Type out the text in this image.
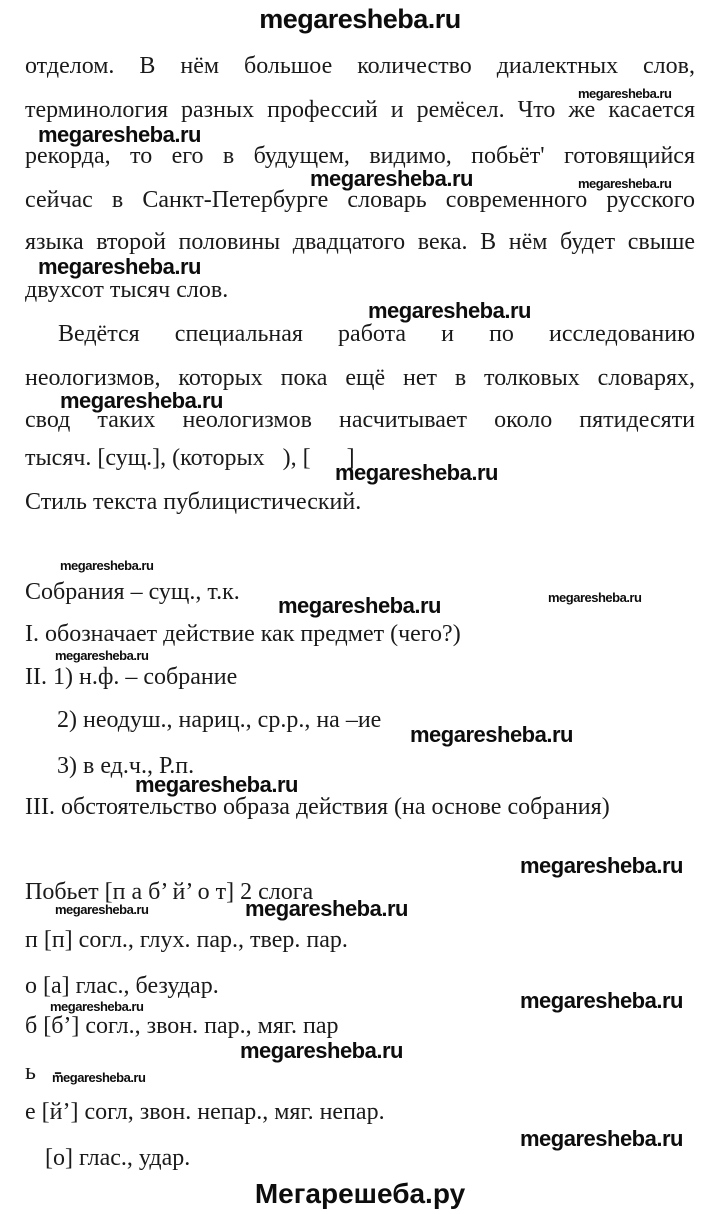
megaresheba.ru
отделом. В нём большое количество диалектных слов,
megaresheba.ru
терминология разных профессий и ремёсел. Что же касается
megaresheba.ru
рекорда, то его в будущем, видимо, побьёт' готовящийся
megaresheba.ru	megaresheba.ru
сейчас в Санкт-Петербурге словарь современного русского
языка второй половины двадцатого века. В нём будет свыше
megaresheba.ru
двухсот тысяч слов.
megaresheba.ru
Ведётся специальная работа и по исследованию
неологизмов, которых пока ещё нет в толковых словарях,
megaresheba.ru
свод таких неологизмов насчитывает около пятидесяти
тысяч. [сущ.], (которых   ), [      ]
megaresheba.ru
Стиль текста публицистический.
megaresheba.ru
Собрания – сущ., т.к.
megaresheba.ru	megaresheba.ru
I. обозначает действие как предмет (чего?)
megaresheba.ru
II. 1) н.ф. – собрание
2) неодуш., нариц., ср.р., на –ие
megaresheba.ru
3) в ед.ч., Р.п.
megaresheba.ru
III. обстоятельство образа действия (на основе собрания)
megaresheba.ru
Побьет [п а б’ й’ о т] 2 слога
megaresheba.ru	megaresheba.ru
п [п] согл., глух. пар., твер. пар.
о [а] глас., безудар.
megaresheba.ru	megaresheba.ru
б [б’] согл., звон. пар., мяг. пар
megaresheba.ru
ь   -
megaresheba.ru
е [й’] согл, звон. непар., мяг. непар.
megaresheba.ru
[о] глас., удар.
Мегарешеба.ру
